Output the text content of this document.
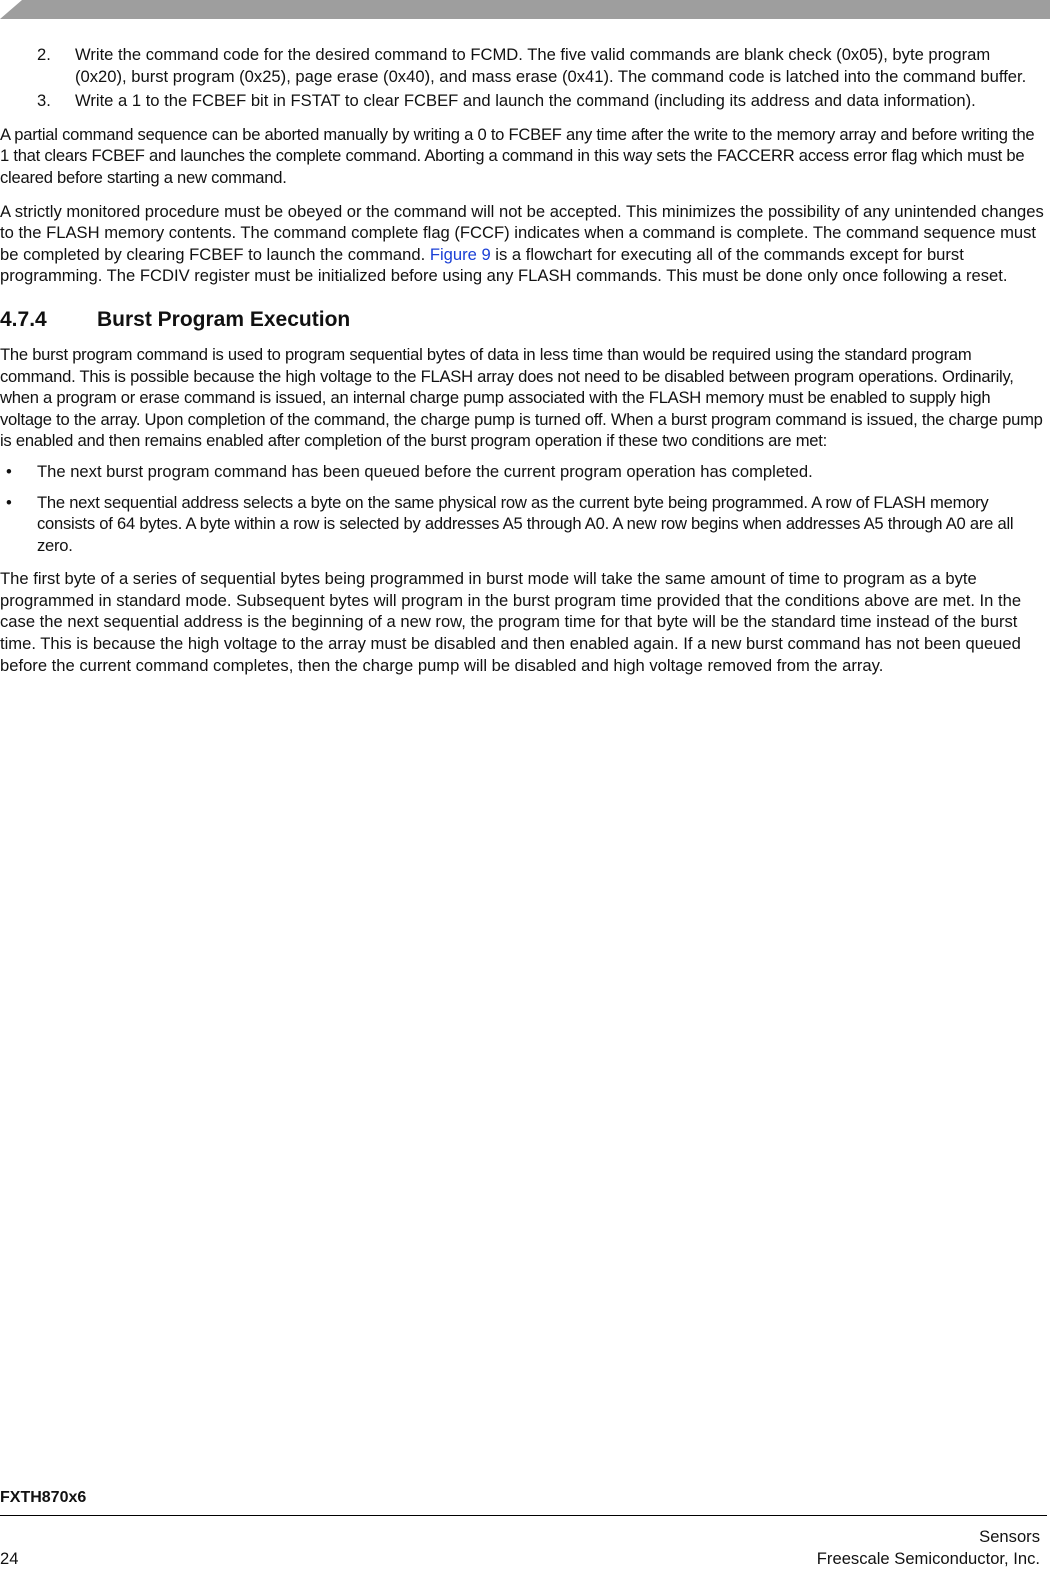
2. Write the command code for the desired command to FCMD. The five valid commands are blank check (0x05), byte program (0x20), burst program (0x25), page erase (0x40), and mass erase (0x41). The command code is latched into the command buffer.
3. Write a 1 to the FCBEF bit in FSTAT to clear FCBEF and launch the command (including its address and data information).

A partial command sequence can be aborted manually by writing a 0 to FCBEF any time after the write to the memory array and before writing the 1 that clears FCBEF and launches the complete command. Aborting a command in this way sets the FACCERR access error flag which must be cleared before starting a new command.

A strictly monitored procedure must be obeyed or the command will not be accepted. This minimizes the possibility of any unintended changes to the FLASH memory contents. The command complete flag (FCCF) indicates when a command is complete. The command sequence must be completed by clearing FCBEF to launch the command. Figure 9 is a flowchart for executing all of the commands except for burst programming. The FCDIV register must be initialized before using any FLASH commands. This must be done only once following a reset.

4.7.4	Burst Program Execution

The burst program command is used to program sequential bytes of data in less time than would be required using the standard program command. This is possible because the high voltage to the FLASH array does not need to be disabled between program operations. Ordinarily, when a program or erase command is issued, an internal charge pump associated with the FLASH memory must be enabled to supply high voltage to the array. Upon completion of the command, the charge pump is turned off. When a burst program command is issued, the charge pump is enabled and then remains enabled after completion of the burst program operation if these two conditions are met:

• The next burst program command has been queued before the current program operation has completed.
• The next sequential address selects a byte on the same physical row as the current byte being programmed. A row of FLASH memory consists of 64 bytes. A byte within a row is selected by addresses A5 through A0. A new row begins when addresses A5 through A0 are all zero.

The first byte of a series of sequential bytes being programmed in burst mode will take the same amount of time to program as a byte programmed in standard mode. Subsequent bytes will program in the burst program time provided that the conditions above are met. In the case the next sequential address is the beginning of a new row, the program time for that byte will be the standard time instead of the burst time. This is because the high voltage to the array must be disabled and then enabled again. If a new burst command has not been queued before the current command completes, then the charge pump will be disabled and high voltage removed from the array.

FXTH870x6
Sensors
Freescale Semiconductor, Inc.
24
